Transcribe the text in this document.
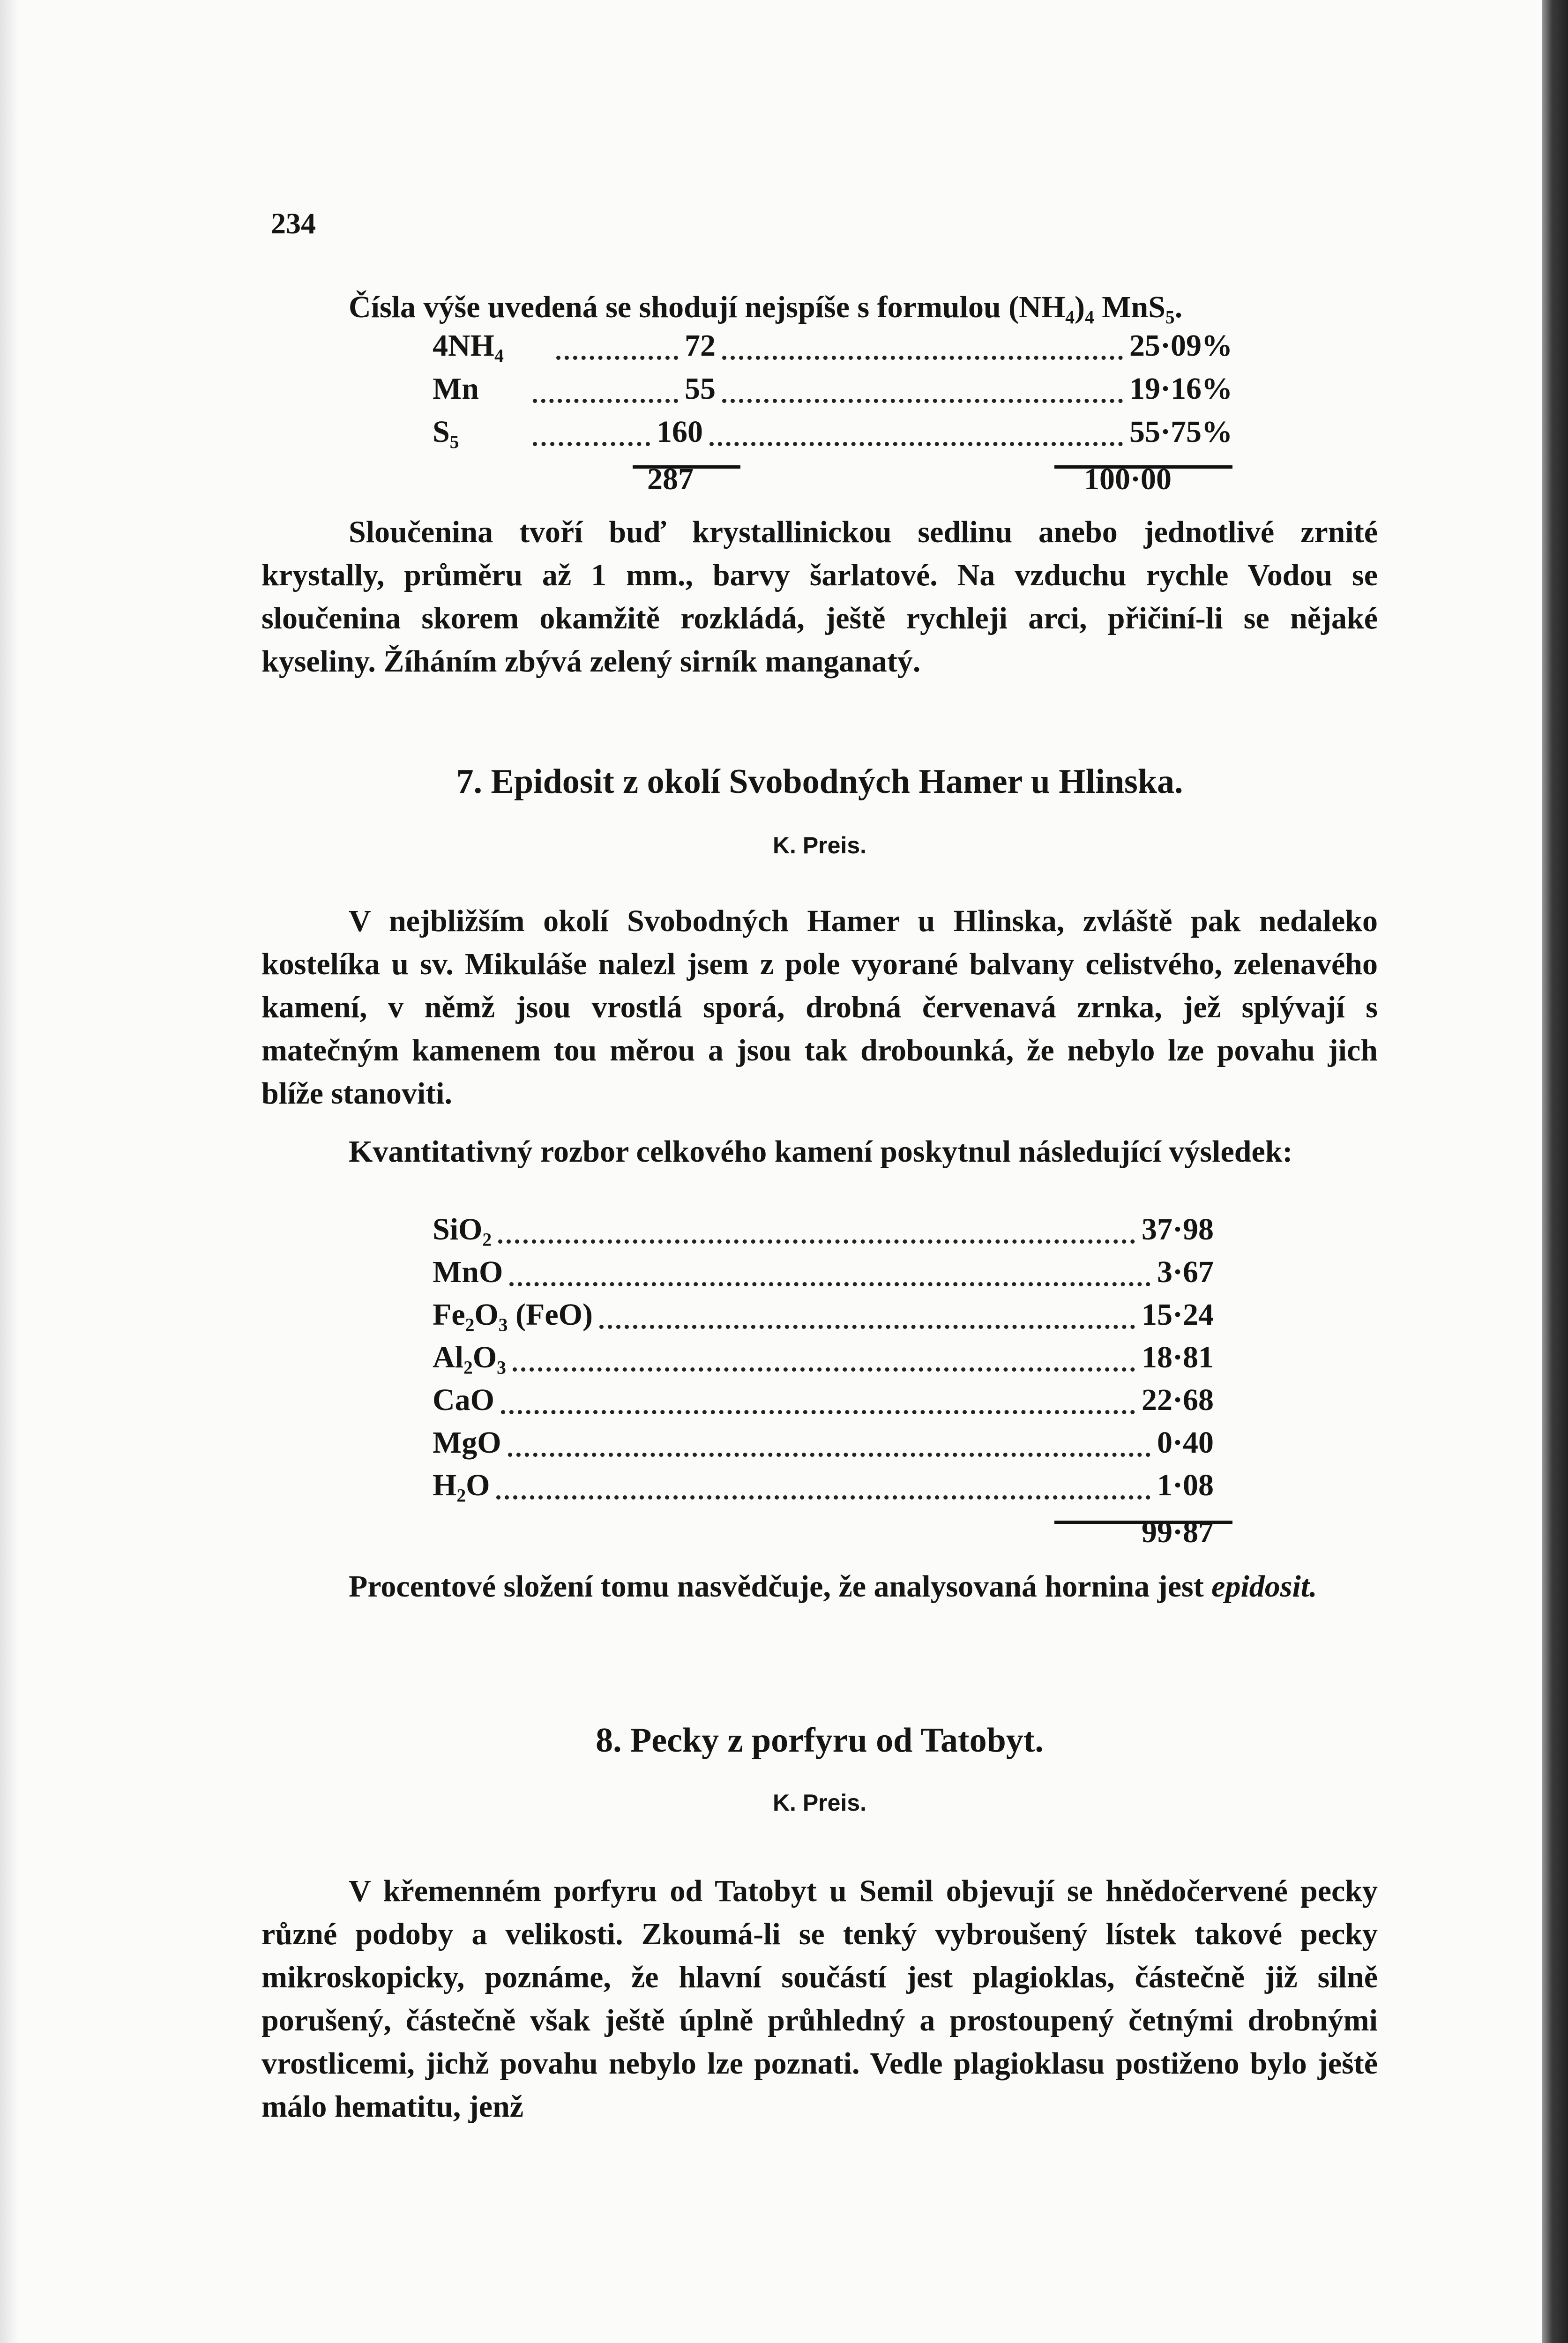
234

Čísla výše uvedená se shodují nejspíše s formulou (NH₄)₄ MnS₅.

4NH₄	72	25·09%
Mn	55	19·16%
S₅	160	55·75%
287	100·00

Sloučenina tvoří buď krystallinickou sedlinu anebo jednotlivé zrnité krystally, průměru až 1 mm., barvy šarlatové. Na vzduchu rychle Vodou se sloučenina skorem okamžitě rozkládá, ještě rychleji arci, přičiní-li se nějaké kyseliny. Žíháním zbývá zelený sirník manganatý.

7. Epidosit z okolí Svobodných Hamer u Hlinska.
K. Preis.

V nejbližším okolí Svobodných Hamer u Hlinska, zvláště pak nedaleko kostelíka u sv. Mikuláše nalezl jsem z pole vyorané balvany celistvého, zelenavého kamení, v němž jsou vrostlá sporá, drobná červenavá zrnka, jež splývají s matečným kamenem tou měrou a jsou tak drobounká, že nebylo lze povahu jich blíže stanoviti.

Kvantitativný rozbor celkového kamení poskytnul následující výsledek:

SiO₂	37·98
MnO	3·67
Fe₂O₃ (FeO)	15·24
Al₂O₃	18·81
CaO	22·68
MgO	0·40
H₂O	1·08
99·87

Procentové složení tomu nasvědčuje, že analysovaná hornina jest epidosit.

8. Pecky z porfyru od Tatobyt.
K. Preis.

V křemenném porfyru od Tatobyt u Semil objevují se hnědočervené pecky různé podoby a velikosti. Zkoumá-li se tenký vybroušený lístek takové pecky mikroskopicky, poznáme, že hlavní součástí jest plagioklas, částečně již silně porušený, částečně však ještě úplně průhledný a prostoupený četnými drobnými vrostlicemi, jichž povahu nebylo lze poznati. Vedle plagioklasu postiženo bylo ještě málo hematitu, jenž
